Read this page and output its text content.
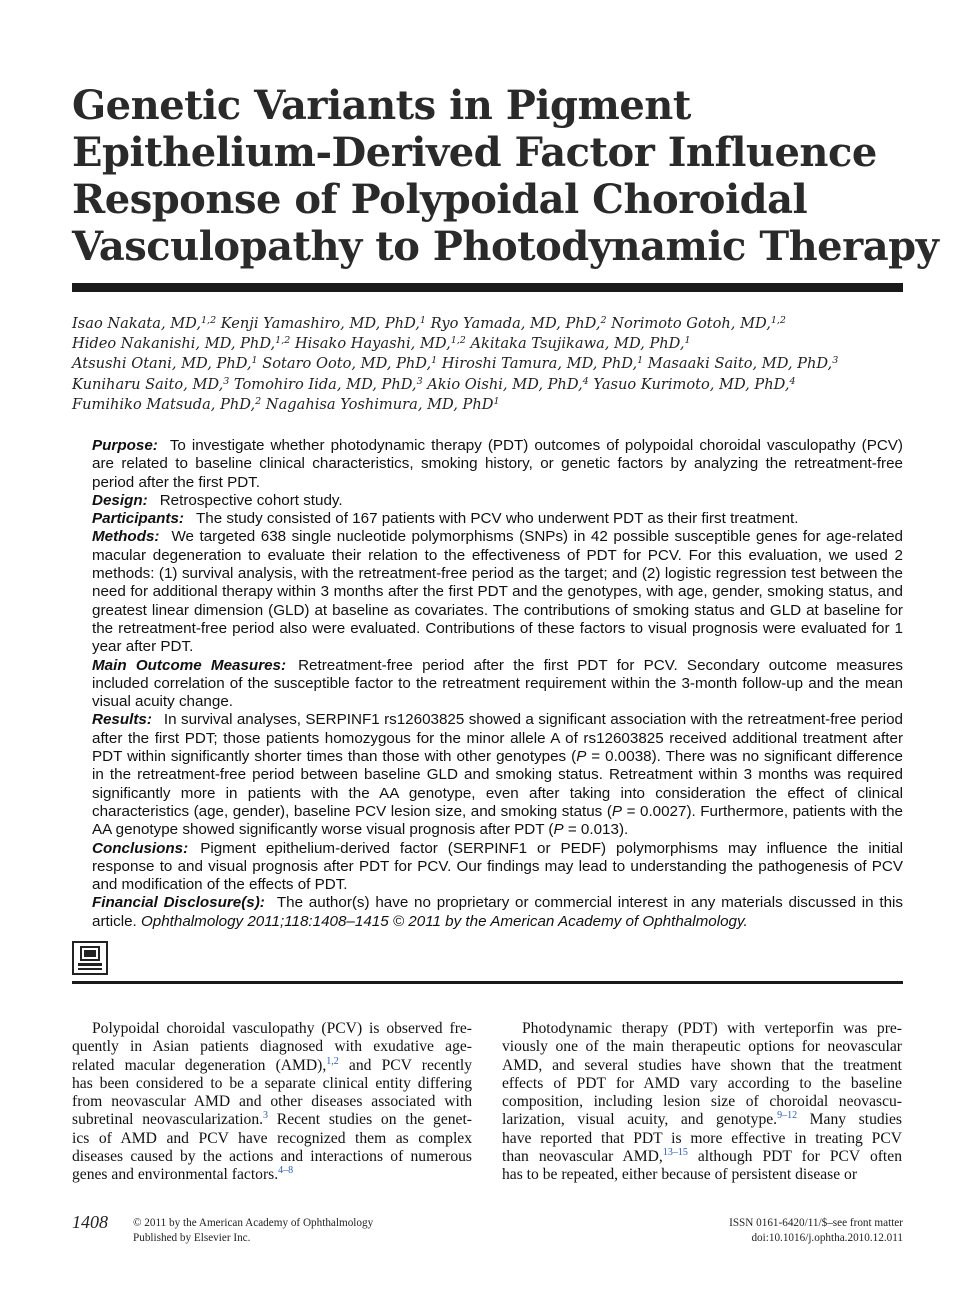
Genetic Variants in Pigment
Epithelium-Derived Factor Influence
Response of Polypoidal Choroidal
Vasculopathy to Photodynamic Therapy
Isao Nakata, MD,$^{1,2}$ Kenji Yamashiro, MD, PhD,$^1$ Ryo Yamada, MD, PhD,$^2$ Norimoto Gotoh, MD,$^{1,2}$
Hideo Nakanishi, MD, PhD,$^{1,2}$ Hisako Hayashi, MD,$^{1,2}$ Akitaka Tsujikawa, MD, PhD,$^1$
Atsushi Otani, MD, PhD,$^1$ Sotaro Ooto, MD, PhD,$^1$ Hiroshi Tamura, MD, PhD,$^1$ Masaaki Saito, MD, PhD,$^3$
Kuniharu Saito, MD,$^3$ Tomohiro Iida, MD, PhD,$^3$ Akio Oishi, MD, PhD,$^4$ Yasuo Kurimoto, MD, PhD,$^4$
Fumihiko Matsuda, PhD,$^2$ Nagahisa Yoshimura, MD, PhD$^1$

Purpose: To investigate whether photodynamic therapy (PDT) outcomes of polypoidal choroidal vasculopathy (PCV) are related to baseline clinical characteristics, smoking history, or genetic factors by analyzing the retreatment-free period after the first PDT.

Design: Retrospective cohort study.

Participants: The study consisted of 167 patients with PCV who underwent PDT as their first treatment.

Methods: We targeted 638 single nucleotide polymorphisms (SNPs) in 42 possible susceptible genes for age-related macular degeneration to evaluate their relation to the effectiveness of PDT for PCV. For this evaluation, we used 2 methods: (1) survival analysis, with the retreatment-free period as the target; and (2) logistic regression test between the need for additional therapy within 3 months after the first PDT and the genotypes, with age, gender, smoking status, and greatest linear dimension (GLD) at baseline as covariates. The contributions of smoking status and GLD at baseline for the retreatment-free period also were evaluated. Contributions of these factors to visual prognosis were evaluated for 1 year after PDT.

Main Outcome Measures: Retreatment-free period after the first PDT for PCV. Secondary outcome measures included correlation of the susceptible factor to the retreatment requirement within the 3-month follow-up and the mean visual acuity change.

Results: In survival analyses, SERPINF1 rs12603825 showed a significant association with the retreatment-free period after the first PDT; those patients homozygous for the minor allele A of rs12603825 received additional treatment after PDT within significantly shorter times than those with other genotypes (P = 0.0038). There was no significant difference in the retreatment-free period between baseline GLD and smoking status. Retreatment within 3 months was required significantly more in patients with the AA genotype, even after taking into consideration the effect of clinical characteristics (age, gender), baseline PCV lesion size, and smoking status (P = 0.0027). Furthermore, patients with the AA genotype showed significantly worse visual prognosis after PDT (P = 0.013).

Conclusions: Pigment epithelium-derived factor (SERPINF1 or PEDF) polymorphisms may influence the initial response to and visual prognosis after PDT for PCV. Our findings may lead to understanding the pathogenesis of PCV and modification of the effects of PDT.

Financial Disclosure(s): The author(s) have no proprietary or commercial interest in any materials discussed in this article. Ophthalmology 2011;118:1408–1415 © 2011 by the American Academy of Ophthalmology.

Polypoidal choroidal vasculopathy (PCV) is observed fre-
quently in Asian patients diagnosed with exudative age-
related macular degeneration (AMD),$^{1,2}$ and PCV recently
has been considered to be a separate clinical entity differing
from neovascular AMD and other diseases associated with
subretinal neovascularization.$^3$ Recent studies on the genet-
ics of AMD and PCV have recognized them as complex
diseases caused by the actions and interactions of numerous
genes and environmental factors.$^{4-8}$
Photodynamic therapy (PDT) with verteporfin was pre-
viously one of the main therapeutic options for neovascular
AMD, and several studies have shown that the treatment
effects of PDT for AMD vary according to the baseline
composition, including lesion size of choroidal neovascu-
larization, visual acuity, and genotype.$^{9-12}$ Many studies
have reported that PDT is more effective in treating PCV
than neovascular AMD,$^{13-15}$ although PDT for PCV often
has to be repeated, either because of persistent disease or
1408 © 2011 by the American Academy of Ophthalmology
Published by Elsevier Inc.
ISSN 0161-6420/11/$–see front matter
doi:10.1016/j.ophtha.2010.12.011
